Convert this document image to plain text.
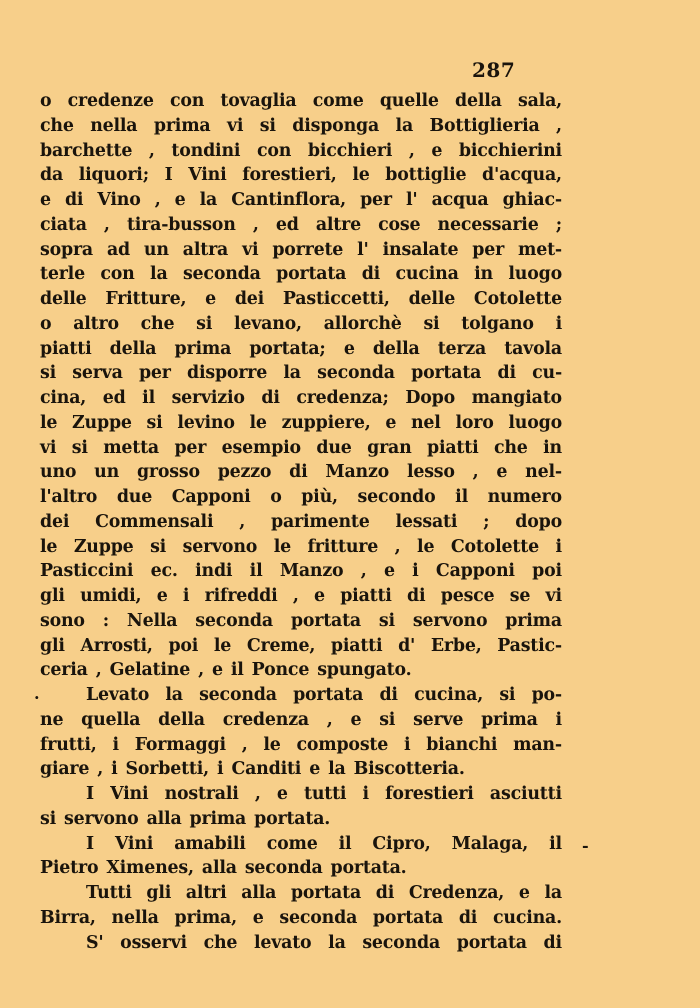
287
·
-
o credenze con tovaglia come quelle della sala,
che nella prima vi si disponga la Bottiglieria ,
barchette , tondini con bicchieri , e bicchierini
da liquori; I Vini forestieri, le bottiglie d'acqua,
e di Vino , e la Cantinflora, per l' acqua ghiac-
ciata , tira-busson , ed altre cose necessarie ;
sopra ad un altra vi porrete l' insalate per met-
terle con la seconda portata di cucina in luogo
delle Fritture, e dei Pasticcetti, delle Cotolette
o altro che si levano, allorchè si tolgano i
piatti della prima portata; e della terza tavola
si serva per disporre la seconda portata di cu-
cina, ed il servizio di credenza; Dopo mangiato
le Zuppe si levino le zuppiere, e nel loro luogo
vi si metta per esempio due gran piatti che in
uno un grosso pezzo di Manzo lesso , e nel-
l'altro due Capponi o più, secondo il numero
dei Commensali , parimente lessati ; dopo
le Zuppe si servono le fritture , le Cotolette i
Pasticcini ec. indi il Manzo , e i Capponi poi
gli umidi, e i rifreddi , e piatti di pesce se vi
sono : Nella seconda portata si servono prima
gli Arrosti, poi le Creme, piatti d' Erbe, Pastic-
ceria , Gelatine , e il Ponce spungato.
Levato la seconda portata di cucina, si po-
ne quella della credenza , e si serve prima i
frutti, i Formaggi , le composte i bianchi man-
giare , i Sorbetti, i Canditi e la Biscotteria.
I Vini nostrali , e tutti i forestieri asciutti
si servono alla prima portata.
I Vini amabili come il Cipro, Malaga, il
Pietro Ximenes, alla seconda portata.
Tutti gli altri alla portata di Credenza, e la
Birra, nella prima, e seconda portata di cucina.
S' osservi che levato la seconda portata di
